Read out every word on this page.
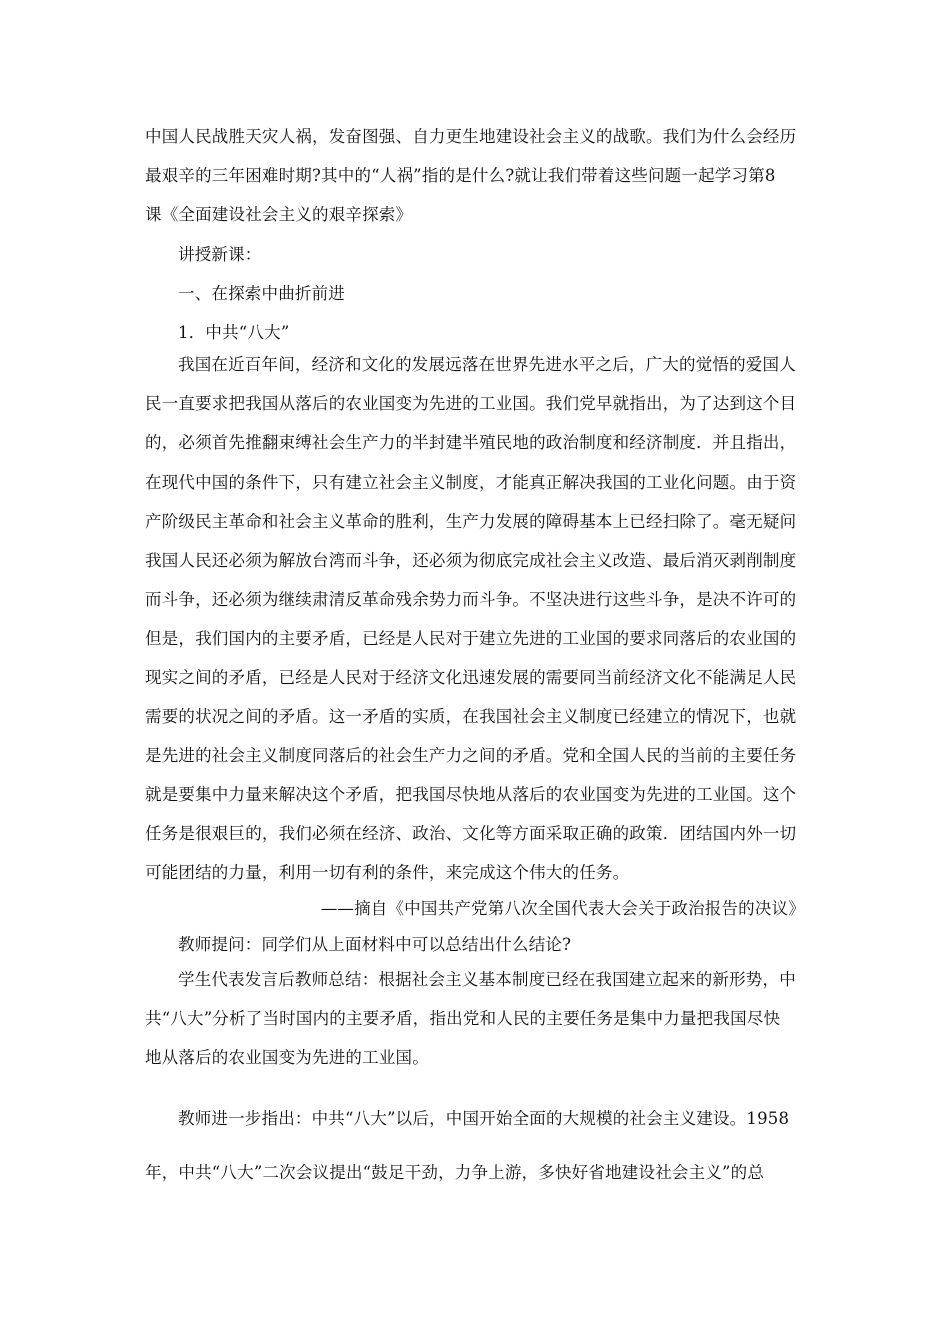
中国人民战胜天灾人祸，发奋图强、自力更生地建设社会主义的战歌。我们为什么会经历
最艰辛的三年困难时期?其中的“人祸”指的是什么?就让我们带着这些问题一起学习第8
课《全面建设社会主义的艰辛探索》
讲授新课：
一、在探索中曲折前进
1．中共“八大”
我国在近百年间，经济和文化的发展远落在世界先进水平之后，广大的觉悟的爱国人
民一直要求把我国从落后的农业国变为先进的工业国。我们党早就指出，为了达到这个目
的，必须首先推翻束缚社会生产力的半封建半殖民地的政治制度和经济制度．并且指出，
在现代中国的条件下，只有建立社会主义制度，才能真正解决我国的工业化问题。由于资
产阶级民主革命和社会主义革命的胜利，生产力发展的障碍基本上已经扫除了。毫无疑问
我国人民还必须为解放台湾而斗争，还必须为彻底完成社会主义改造、最后消灭剥削制度
而斗争，还必须为继续肃清反革命残余势力而斗争。不坚决进行这些斗争，是决不许可的
但是，我们国内的主要矛盾，已经是人民对于建立先进的工业国的要求同落后的农业国的
现实之间的矛盾，已经是人民对于经济文化迅速发展的需要同当前经济文化不能满足人民
需要的状况之间的矛盾。这一矛盾的实质，在我国社会主义制度已经建立的情况下，也就
是先进的社会主义制度同落后的社会生产力之间的矛盾。党和全国人民的当前的主要任务
就是要集中力量来解决这个矛盾，把我国尽快地从落后的农业国变为先进的工业国。这个
任务是很艰巨的，我们必须在经济、政治、文化等方面采取正确的政策．团结国内外一切
可能团结的力量，利用一切有利的条件，来完成这个伟大的任务。
——摘自《中国共产党第八次全国代表大会关于政治报告的决议》
教师提问：同学们从上面材料中可以总结出什么结论?
学生代表发言后教师总结：根据社会主义基本制度已经在我国建立起来的新形势，中
共“八大”分析了当时国内的主要矛盾，指出党和人民的主要任务是集中力量把我国尽快
地从落后的农业国变为先进的工业国。
教师进一步指出：中共“八大”以后，中国开始全面的大规模的社会主义建设。1958
年，中共“八大”二次会议提出“鼓足干劲，力争上游，多快好省地建设社会主义”的总
